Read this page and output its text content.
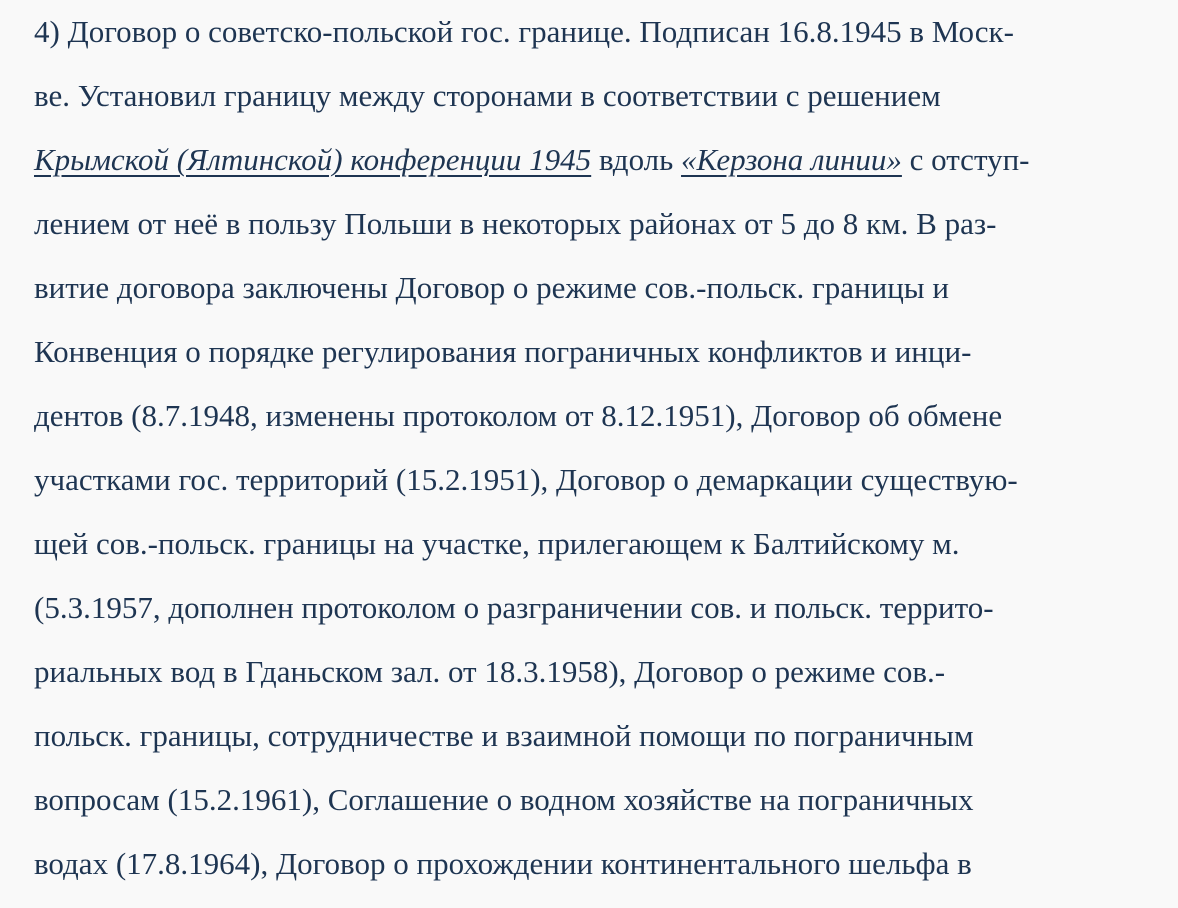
4) Договор о советско-польской гос. границе. Подписан 16.8.1945 в Моск-
ве. Установил границу между сторонами в соответствии с решением
Крымской (Ялтинской) конференции 1945 вдоль «Керзона линии» с отступ-
лением от неё в пользу Польши в некоторых районах от 5 до 8 км. В раз-
витие договора заключены Договор о режиме сов.-польск. границы и
Конвенция о порядке регулирования пограничных конфликтов и инци-
дентов (8.7.1948, изменены протоколом от 8.12.1951), Договор об обмене
участками гос. территорий (15.2.1951), Договор о демаркации существую-
щей сов.-польск. границы на участке, прилегающем к Балтийскому м.
(5.3.1957, дополнен протоколом о разграничении сов. и польск. террито-
риальных вод в Гданьском зал. от 18.3.1958), Договор о режиме сов.-
польск. границы, сотрудничестве и взаимной помощи по пограничным
вопросам (15.2.1961), Соглашение о водном хозяйстве на пограничных
водах (17.8.1964), Договор о прохождении континентального шельфа в
